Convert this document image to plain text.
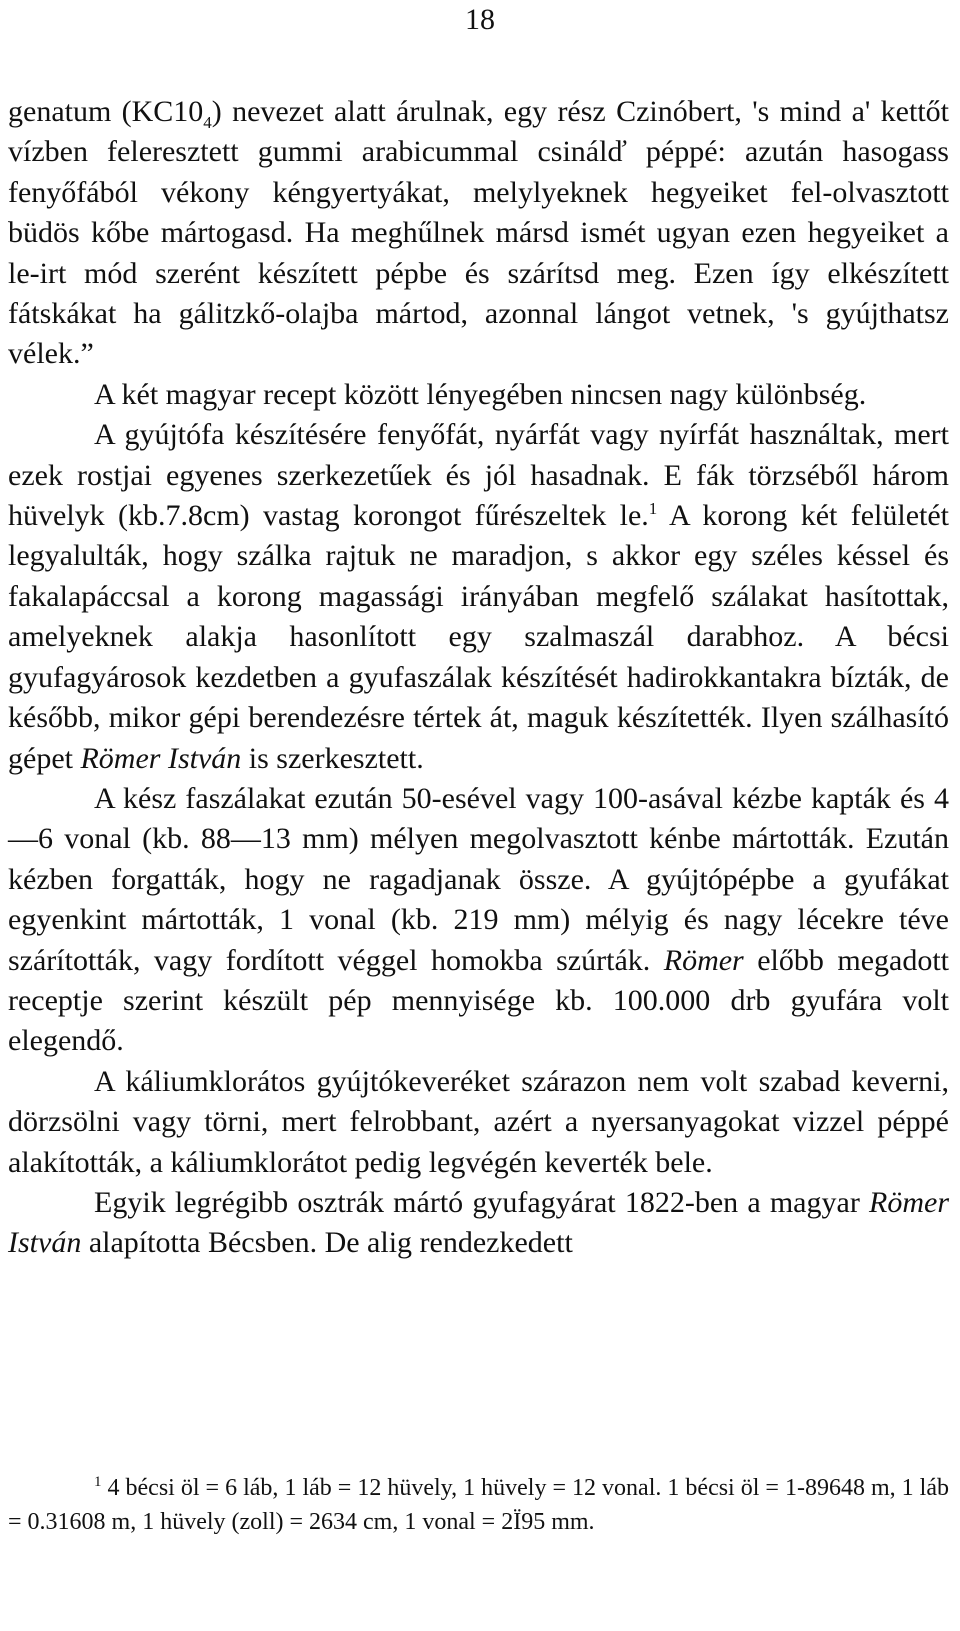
18

genatum $(KC10_4)$ nevezet alatt árulnak, egy rész Czinóbert, 's mind a' kettőt vízben feleresztett gummi arabicummal csinálď péppé: azután hasogass fenyőfából vékony kéngyertyákat, melylyeknek hegyeiket fel-olvasztott büdös kőbe mártogasd. Ha meghűlnek mársd ismét ugyan ezen hegyeiket a le-irt mód szerént készített pépbe és szárítsd meg. Ezen így elkészített fátskákat ha gálitzkő-olajba mártod, azonnal lángot vetnek, 's gyújthatsz vélek.”

A két magyar recept között lényegében nincsen nagy különbség.

A gyújtófa készítésére fenyőfát, nyárfát vagy nyírfát használtak, mert ezek rostjai egyenes szerkezetűek és jól hasadnak. E fák törzséből három hüvelyk (kb.7.8cm) vastag korongot fűrészeltek le.$^1$ A korong két felületét legyalulták, hogy szálka rajtuk ne maradjon, s akkor egy széles késsel és fakalapáccsal a korong magassági irányában megfelő szálakat hasítottak, amelyeknek alakja hasonlított egy szalmaszál darabhoz. A bécsi gyufagyárosok kezdetben a gyufaszálak készítését hadirokkantakra bízták, de később, mikor gépi berendezésre tértek át, maguk készítették. Ilyen szálhasító gépet Römer István is szerkesztett.

A kész faszálakat ezután 50-esével vagy 100-asával kézbe kapták és 4—6 vonal (kb. 88—13 mm) mélyen megolvasztott kénbe mártották. Ezután kézben forgatták, hogy ne ragadjanak össze. A gyújtópépbe a gyufákat egyenkint mártották, 1 vonal (kb. 219 mm) mélyig és nagy lécekre téve szárították, vagy fordított véggel homokba szúrták. Römer előbb megadott receptje szerint készült pép mennyisége kb. 100.000 drb gyufára volt elegendő.

A káliumklorátos gyújtókeveréket szárazon nem volt szabad keverni, dörzsölni vagy törni, mert felrobbant, azért a nyersanyagokat vizzel péppé alakították, a káliumklorátot pedig legvégén keverték bele.

Egyik legrégibb osztrák mártó gyufagyárat 1822-ben a magyar Römer István alapította Bécsben. De alig rendezkedett

$^1$ 4 bécsi öl = 6 láb, 1 láb = 12 hüvely, 1 hüvely = 12 vonal. 1 bécsi öl = 1-89648 m, 1 láb = 0.31608 m, 1 hüvely (zoll) = 2634 cm, 1 vonal = 2Ї95 mm.
